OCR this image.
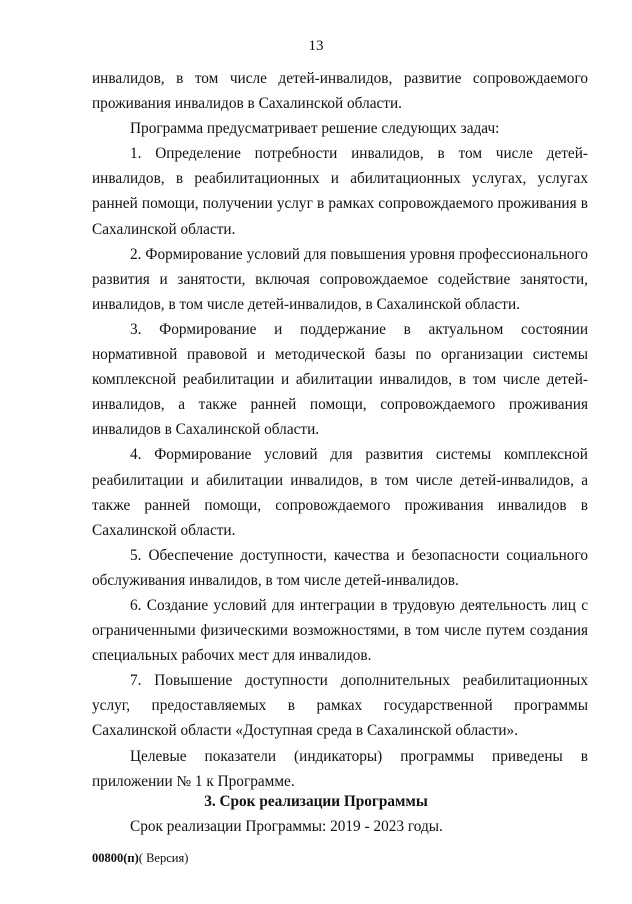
13

инвалидов, в том числе детей-инвалидов, развитие сопровождаемого проживания инвалидов в Сахалинской области.

Программа предусматривает решение следующих задач:

1. Определение потребности инвалидов, в том числе детей-инвалидов, в реабилитационных и абилитационных услугах, услугах ранней помощи, получении услуг в рамках сопровождаемого проживания в Сахалинской области.

2. Формирование условий для повышения уровня профессионального развития и занятости, включая сопровождаемое содействие занятости, инвалидов, в том числе детей-инвалидов, в Сахалинской области.

3. Формирование и поддержание в актуальном состоянии нормативной правовой и методической базы по организации системы комплексной реабилитации и абилитации инвалидов, в том числе детей-инвалидов, а также ранней помощи, сопровождаемого проживания инвалидов в Сахалинской области.

4. Формирование условий для развития системы комплексной реабилитации и абилитации инвалидов, в том числе детей-инвалидов, а также ранней помощи, сопровождаемого проживания инвалидов в Сахалинской области.

5. Обеспечение доступности, качества и безопасности социального обслуживания инвалидов, в том числе детей-инвалидов.

6. Создание условий для интеграции в трудовую деятельность лиц с ограниченными физическими возможностями, в том числе путем создания специальных рабочих мест для инвалидов.

7. Повышение доступности дополнительных реабилитационных услуг, предоставляемых в рамках государственной программы Сахалинской области «Доступная среда в Сахалинской области».

Целевые показатели (индикаторы) программы приведены в приложении № 1 к Программе.

3. Срок реализации Программы
Срок реализации Программы: 2019 - 2023 годы.
00800(п)( Версия)
